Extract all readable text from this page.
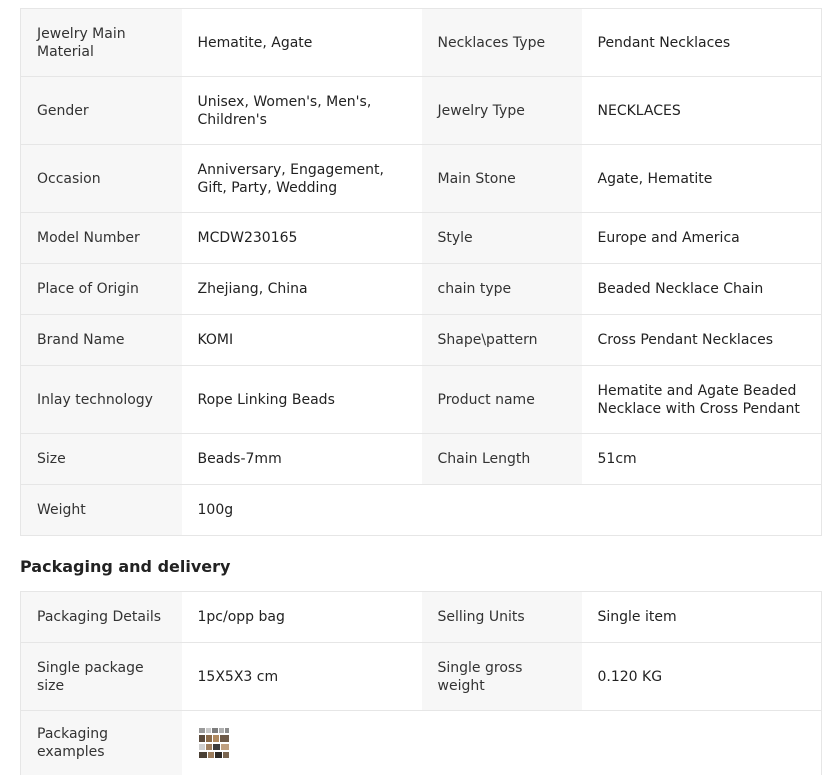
Jewelry Main Material	Hematite, Agate	Necklaces Type	Pendant Necklaces
Gender	Unisex, Women's, Men's, Children's	Jewelry Type	NECKLACES
Occasion	Anniversary, Engagement, Gift, Party, Wedding	Main Stone	Agate, Hematite
Model Number	MCDW230165	Style	Europe and America
Place of Origin	Zhejiang, China	chain type	Beaded Necklace Chain
Brand Name	KOMI	Shape\pattern	Cross Pendant Necklaces
Inlay technology	Rope Linking Beads	Product name	Hematite and Agate Beaded Necklace with Cross Pendant
Size	Beads-7mm	Chain Length	51cm
Weight	100g		
Packaging and delivery
Packaging Details	1pc/opp bag	Selling Units	Single item
Single package size	15X5X3 cm	Single gross weight	0.120 KG
Packaging examples	
